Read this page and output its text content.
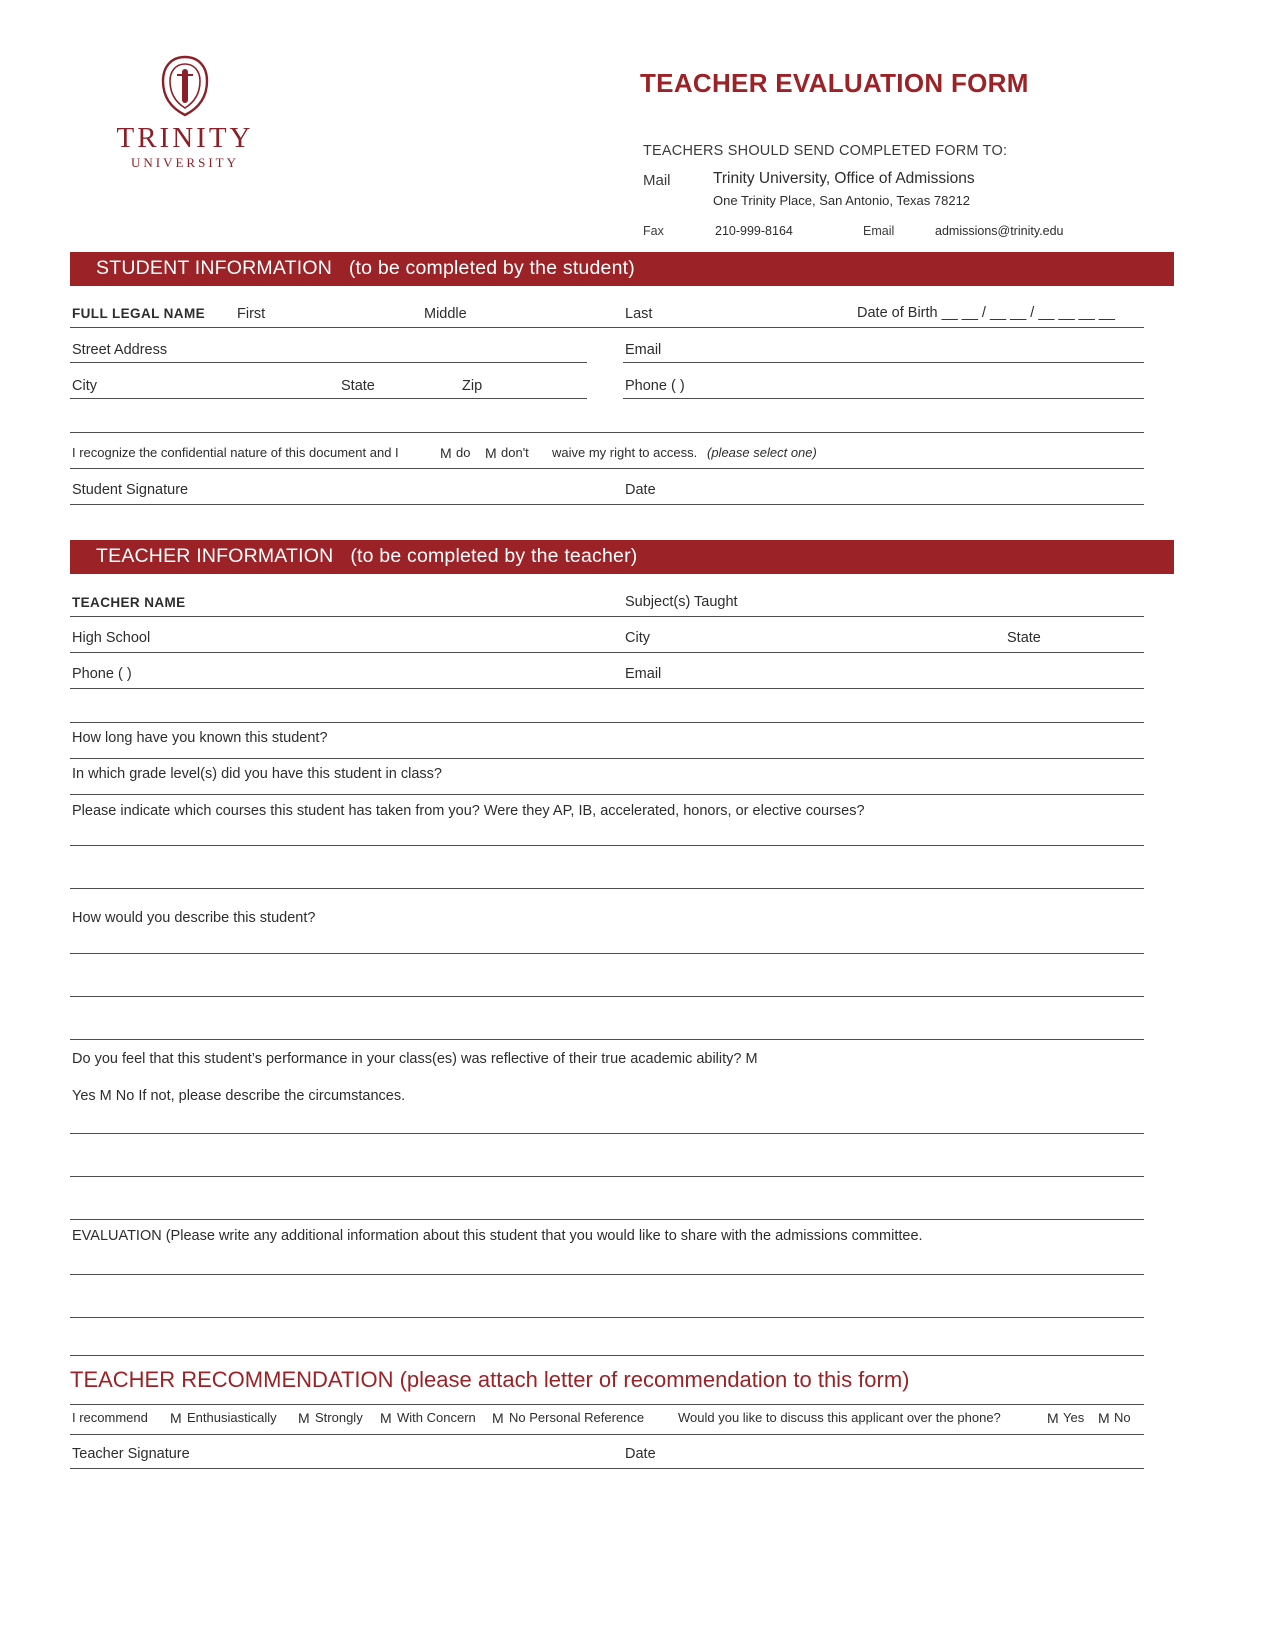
TRINITY
UNIVERSITY
TEACHER EVALUATION FORM
TEACHERS SHOULD SEND COMPLETED FORM TO:
Mail	Trinity University, Office of Admissions
One Trinity Place, San Antonio, Texas 78212
Fax	210-999-8164	Email	admissions@trinity.edu
STUDENT INFORMATION (to be completed by the student)
FULL LEGAL NAME First	Middle	Last	Date of Birth __ __ / __ __ / __ __ __ __
Street Address	Email
City	State	Zip	Phone ( )
I recognize the confidential nature of this document and I	M do M don't waive my right to access. (please select one)
Student Signature	Date
TEACHER INFORMATION (to be completed by the teacher)
TEACHER NAME	Subject(s) Taught
High School	City	State
Phone ( )	Email
How long have you known this student?
In which grade level(s) did you have this student in class?
Please indicate which courses this student has taken from you? Were they AP, IB, accelerated, honors, or elective courses?
How would you describe this student?
Do you feel that this student’s performance in your class(es) was reflective of their true academic ability? M
Yes M No If not, please describe the circumstances.
EVALUATION (Please write any additional information about this student that you would like to share with the admissions committee.
TEACHER RECOMMENDATION (please attach letter of recommendation to this form)
I recommend M Enthusiastically M Strongly M With Concern M No Personal Reference	Would you like to discuss this applicant over the phone?	M Yes M No
Teacher Signature	Date
